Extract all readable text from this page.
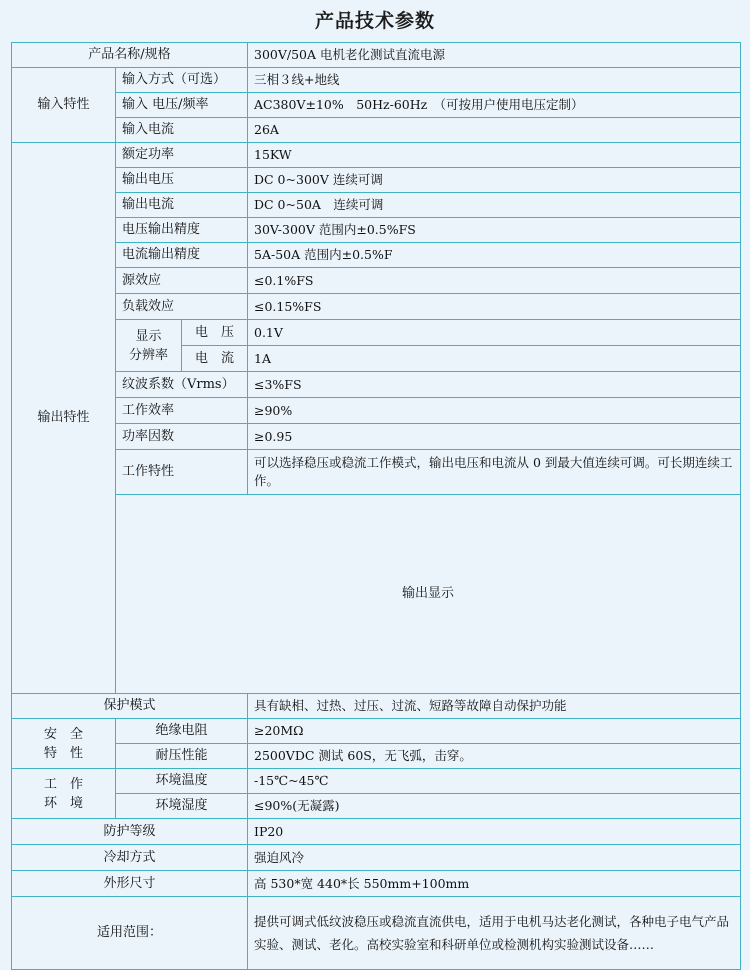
产品技术参数
产品名称/规格			300V/50A 电机老化测试直流电源	
输入特性	输入方式（可选）		三相３线+地线	
	输入 电压/频率		AC380V±10%　50Hz-60Hz　（可按用户使用电压定制）	
	输入电流		26A	
输出特性	额定功率		15KW	
	输出电压		DC 0~300V 连续可调	
	输出电流		DC 0~50A　连续可调	
	电压输出精度		30V-300V 范围内±0.5%FS	
	电流输出精度		5A-50A 范围内±0.5%F	
	源效应		≤0.1%FS	
	负载效应		≤0.15%FS	
	显示
分辨率	电　压	0.1V	
		电　流	1A	
	纹波系数（Vrms）		≤3%FS	
	工作效率		≥90%	
	功率因数		≥0.95	
	工作特性		可以选择稳压或稳流工作模式，输出电压和电流从 0 到最大值连续可调。可长期连续工作。	
	输出显示	
保护模式			具有缺相、过热、过压、过流、短路等故障自动保护功能	
安　全
特　性	绝缘电阻		≥20MΩ	
	耐压性能		2500VDC 测试 60S，无飞弧，击穿。	
工　作
环　境	环境温度		-15℃~45℃	
	环境湿度		≤90%(无凝露)	
防护等级			IP20	
冷却方式			强迫风冷	
外形尺寸			高 530*宽 440*长 550mm+100mm	
适用范围：			提供可调式低纹波稳压或稳流直流供电，适用于电机马达老化测试，各种电子电气产品实验、测试、老化。高校实验室和科研单位或检测机构实验测试设备……	
